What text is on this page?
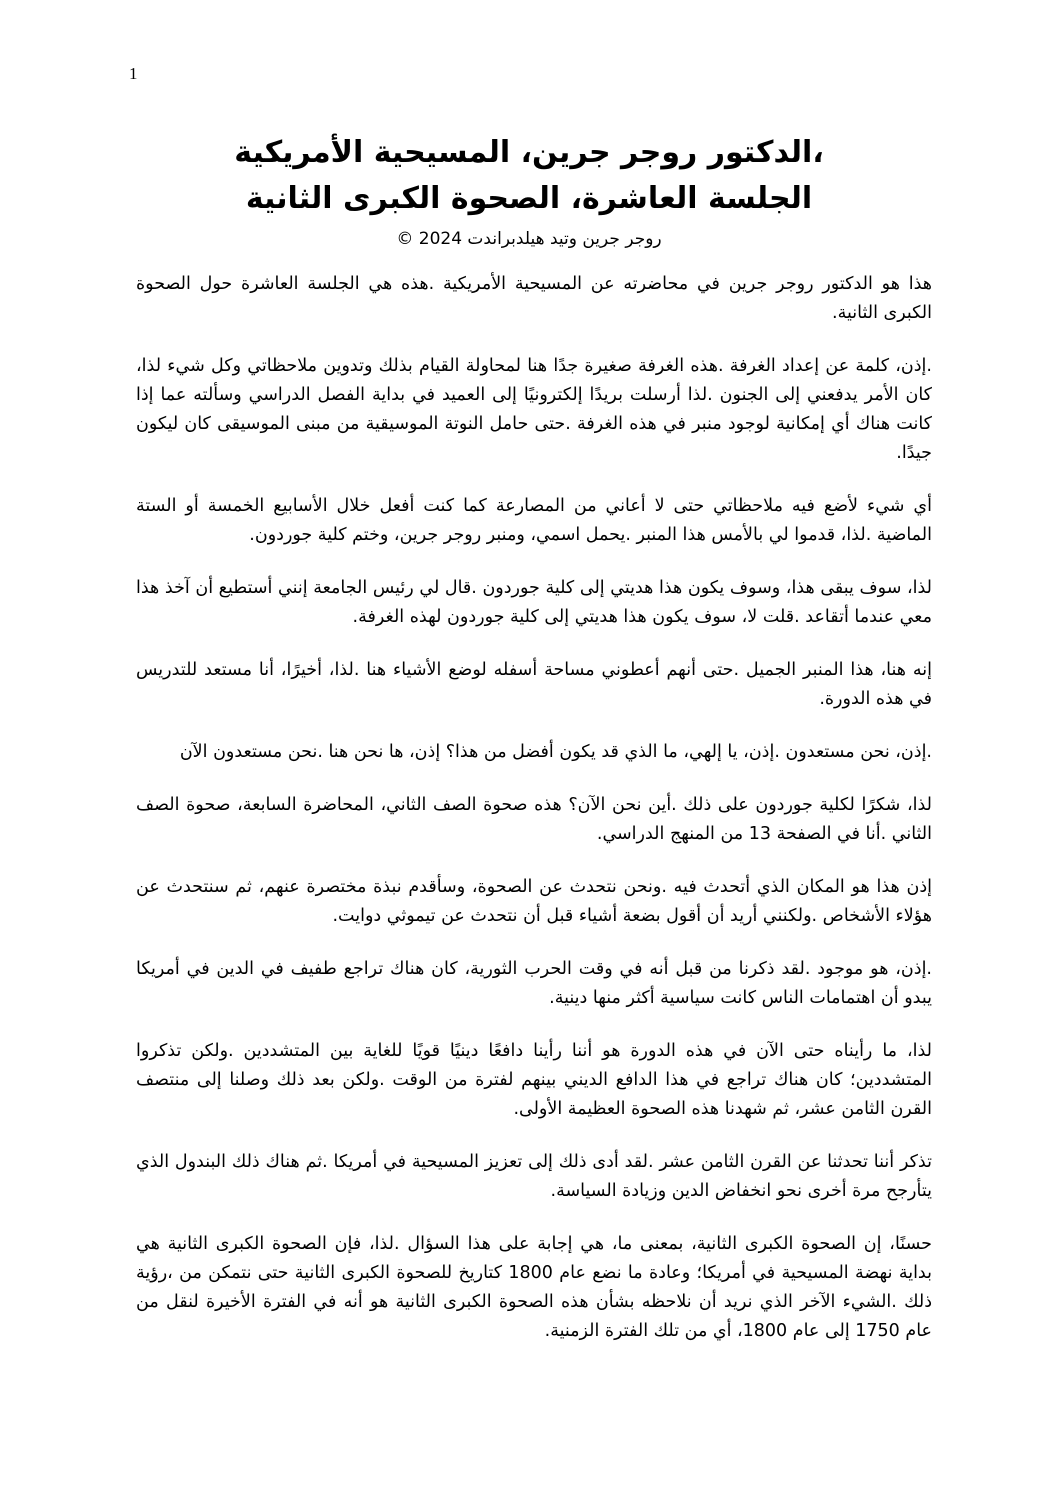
1
،الدكتور روجر جرين، المسيحية الأمريكية
الجلسة العاشرة، الصحوة الكبرى الثانية
روجر جرين وتيد هيلدبراندت 2024 ©

هذا هو الدكتور روجر جرين في محاضرته عن المسيحية الأمريكية .هذه هي الجلسة العاشرة حول الصحوة الكبرى الثانية.

.إذن، كلمة عن إعداد الغرفة .هذه الغرفة صغيرة جدًا هنا لمحاولة القيام بذلك وتدوين ملاحظاتي وكل شيء لذا، كان الأمر يدفعني إلى الجنون .لذا أرسلت بريدًا إلكترونيًا إلى العميد في بداية الفصل الدراسي وسألته عما إذا كانت هناك أي إمكانية لوجود منبر في هذه الغرفة .حتى حامل النوتة الموسيقية من مبنى الموسيقى كان ليكون جيدًا.

أي شيء لأضع فيه ملاحظاتي حتى لا أعاني من المصارعة كما كنت أفعل خلال الأسابيع الخمسة أو الستة الماضية .لذا، قدموا لي بالأمس هذا المنبر .يحمل اسمي، ومنبر روجر جرين، وختم كلية جوردون.

لذا، سوف يبقى هذا، وسوف يكون هذا هديتي إلى كلية جوردون .قال لي رئيس الجامعة إنني أستطيع أن آخذ هذا معي عندما أتقاعد .قلت لا، سوف يكون هذا هديتي إلى كلية جوردون لهذه الغرفة.

إنه هنا، هذا المنبر الجميل .حتى أنهم أعطوني مساحة أسفله لوضع الأشياء هنا .لذا، أخيرًا، أنا مستعد للتدريس في هذه الدورة.

.إذن، نحن مستعدون .إذن، يا إلهي، ما الذي قد يكون أفضل من هذا؟ إذن، ها نحن هنا .نحن مستعدون الآن

لذا، شكرًا لكلية جوردون على ذلك .أين نحن الآن؟ هذه صحوة الصف الثاني، المحاضرة السابعة، صحوة الصف الثاني .أنا في الصفحة 13 من المنهج الدراسي.

إذن هذا هو المكان الذي أتحدث فيه .ونحن نتحدث عن الصحوة، وسأقدم نبذة مختصرة عنهم، ثم سنتحدث عن هؤلاء الأشخاص .ولكنني أريد أن أقول بضعة أشياء قبل أن نتحدث عن تيموثي دوايت.

.إذن، هو موجود .لقد ذكرنا من قبل أنه في وقت الحرب الثورية، كان هناك تراجع طفيف في الدين في أمريكا يبدو أن اهتمامات الناس كانت سياسية أكثر منها دينية.

لذا، ما رأيناه حتى الآن في هذه الدورة هو أننا رأينا دافعًا دينيًا قويًا للغاية بين المتشددين .ولكن تذكروا المتشددين؛ كان هناك تراجع في هذا الدافع الديني بينهم لفترة من الوقت .ولكن بعد ذلك وصلنا إلى منتصف القرن الثامن عشر، ثم شهدنا هذه الصحوة العظيمة الأولى.

تذكر أننا تحدثنا عن القرن الثامن عشر .لقد أدى ذلك إلى تعزيز المسيحية في أمريكا .ثم هناك ذلك البندول الذي يتأرجح مرة أخرى نحو انخفاض الدين وزيادة السياسة.

حسنًا، إن الصحوة الكبرى الثانية، بمعنى ما، هي إجابة على هذا السؤال .لذا، فإن الصحوة الكبرى الثانية هي بداية نهضة المسيحية في أمريكا؛ وعادة ما نضع عام 1800 كتاريخ للصحوة الكبرى الثانية حتى نتمكن من ،رؤية ذلك .الشيء الآخر الذي نريد أن نلاحظه بشأن هذه الصحوة الكبرى الثانية هو أنه في الفترة الأخيرة لنقل من عام 1750 إلى عام 1800، أي من تلك الفترة الزمنية.
